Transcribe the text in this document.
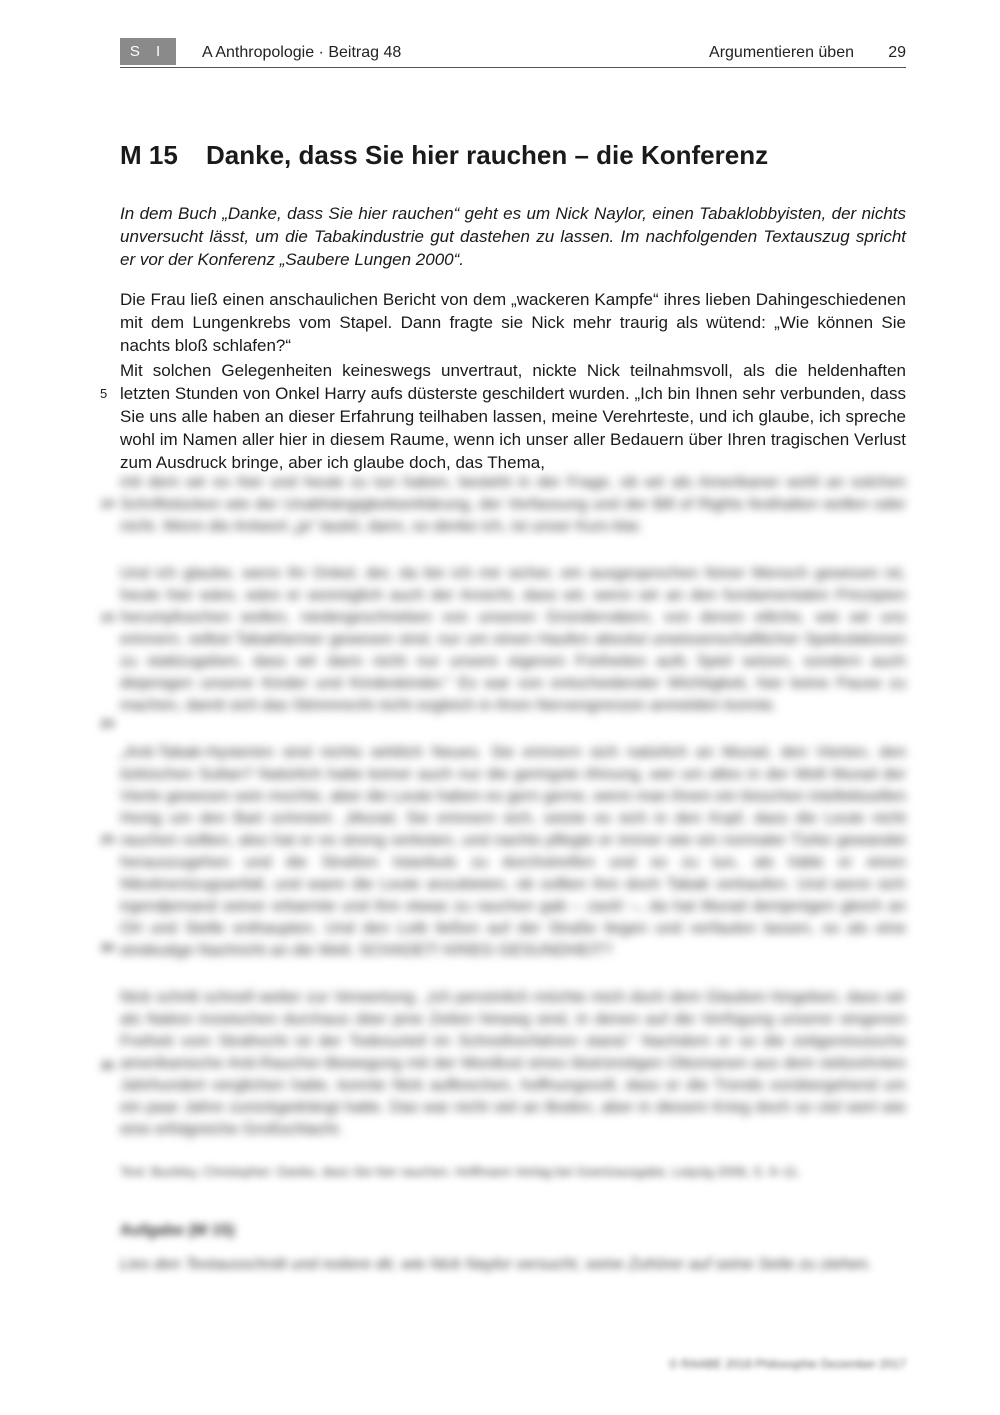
S I	A Anthropologie · Beitrag 48	Argumentieren üben 29
M 15 Danke, dass Sie hier rauchen – die Konferenz
In dem Buch „Danke, dass Sie hier rauchen“ geht es um Nick Naylor, einen Tabaklobbyisten, der nichts unversucht lässt, um die Tabakindustrie gut dastehen zu lassen. Im nachfolgenden Textauszug spricht er vor der Konferenz „Saubere Lungen 2000“.
Die Frau ließ einen anschaulichen Bericht von dem „wackeren Kampfe“ ihres lieben Dahingeschiedenen mit dem Lungenkrebs vom Stapel. Dann fragte sie Nick mehr traurig als wütend: „Wie können Sie nachts bloß schlafen?“
Mit solchen Gelegenheiten keineswegs unvertraut, nickte Nick teilnahmsvoll, als die heldenhaften letzten Stunden von Onkel Harry aufs düsterste geschildert wurden. „Ich bin Ihnen sehr verbunden, dass Sie uns alle haben an dieser Erfahrung teilhaben lassen, meine Verehrteste, und ich glaube, ich spreche wohl im Namen aller hier in diesem Raume, wenn ich unser aller Bedauern über Ihren tragischen Verlust zum Ausdruck bringe, aber ich glaube doch, das Thema,
5
10
15
20
25
30
35
mit dem wir es hier und heute zu tun haben, besteht in der Frage, ob wir als Amerikaner wohl an solchen Schriftstücken wie der Unabhängigkeitserklärung, der Verfassung und der Bill of Rights festhalten wollen oder nicht. Wenn die Antwort „ja“ lautet, dann, so denke ich, ist unser Kurs klar.
Und ich glaube, wenn Ihr Onkel, der, da bin ich mir sicher, ein ausgesprochen feiner Mensch gewesen ist, heute hier wäre, wäre er womöglich auch der Ansicht, dass wir, wenn wir an den fundamentalen Prinzipien herumpfuschen wollen, niedergeschrieben von unseren Gründervätern, von denen etliche, wie wir uns erinnern, selbst Tabakfarmer gewesen sind, nur um einen Haufen absolut unwissenschaftlicher Spekulationen zu stattzugeben, dass wir dann nicht nur unsere eigenen Freiheiten aufs Spiel setzen, sondern auch diejenigen unserer Kinder und Kindeskinder.“ Es war von entscheidender Wichtigkeit, hier keine Pause zu machen, damit sich das Stimmrecht nicht sogleich in ihren Nervengrenzen anmelden konnte.
„Anti-Tabak-Hysterien sind nichts wirklich Neues. Sie erinnern sich natürlich an Murad, den Vierten, den türkischen Sultan? Natürlich hatte keiner auch nur die geringste Ahnung, wer um alles in der Welt Murad der Vierte gewesen sein mochte, aber die Leute haben es gern gerne, wenn man ihnen ein bisschen intellektuellen Honig um den Bart schmiert. „Murad, Sie erinnern sich, setzte es sich in den Kopf, dass die Leute nicht rauchen sollten, also hat er es streng verboten, und nachts pflegte er immer wie ein normaler Türke gewandet herauszugehen und die Straßen Istanbuls zu durchstreifen und so zu tun, als hätte er einen Nikotinentzugsanfall, und wann die Leute anzubieten, ob sollten ihm doch Tabak verkaufen. Und wenn sich irgendjemand seiner erbarmte und ihm etwas zu rauchen gab – zack! –, da hat Murad demjenigen gleich an Ort und Stelle enthaupten. Und den Leib ließen auf der Straße liegen und verfaulen lassen, so als eine eindeutige Nachricht an die Welt. SCHADET! KRIEG GESUNDHEIT?
Nick schritt schnell weiter zur Verwertung. „Ich persönlich möchte mich doch dem Glauben hingeben, dass wir als Nation inzwischen durchaus über jene Zeiten hinweg sind, in denen auf die Verfügung unserer eingenen Freiheit vom Strafrecht ist der Todesurteil im Schnellverfahren stand.“ Nachdem er so die zeitgenössische amerikanische Anti-Raucher-Bewegung mit der Mordlust eines blutrünstigen Ottomanen aus dem siebzehnten Jahrhundert verglichen hatte, konnte Nick aufbrechen, hoffnungsvoll, dass er die Trends vorübergehend um ein paar Jahre zurückgedrängt hatte. Das war nicht viel an Boden, aber in diesem Krieg doch so viel wert wie eine erfolgreiche Großschlacht.
Text: Buckley, Christopher: Danke, dass Sie hier rauchen. Hoffmann Verlag bei Goertzausgabe, Leipzig 2006, S. 9–11.
Aufgabe (M 15)
Lies den Textausschnitt und notiere dir, wie Nick Naylor versucht, seine Zuhörer auf seine Seite zu ziehen.
© RAABE 2018 Philosophie Dezember 2017
